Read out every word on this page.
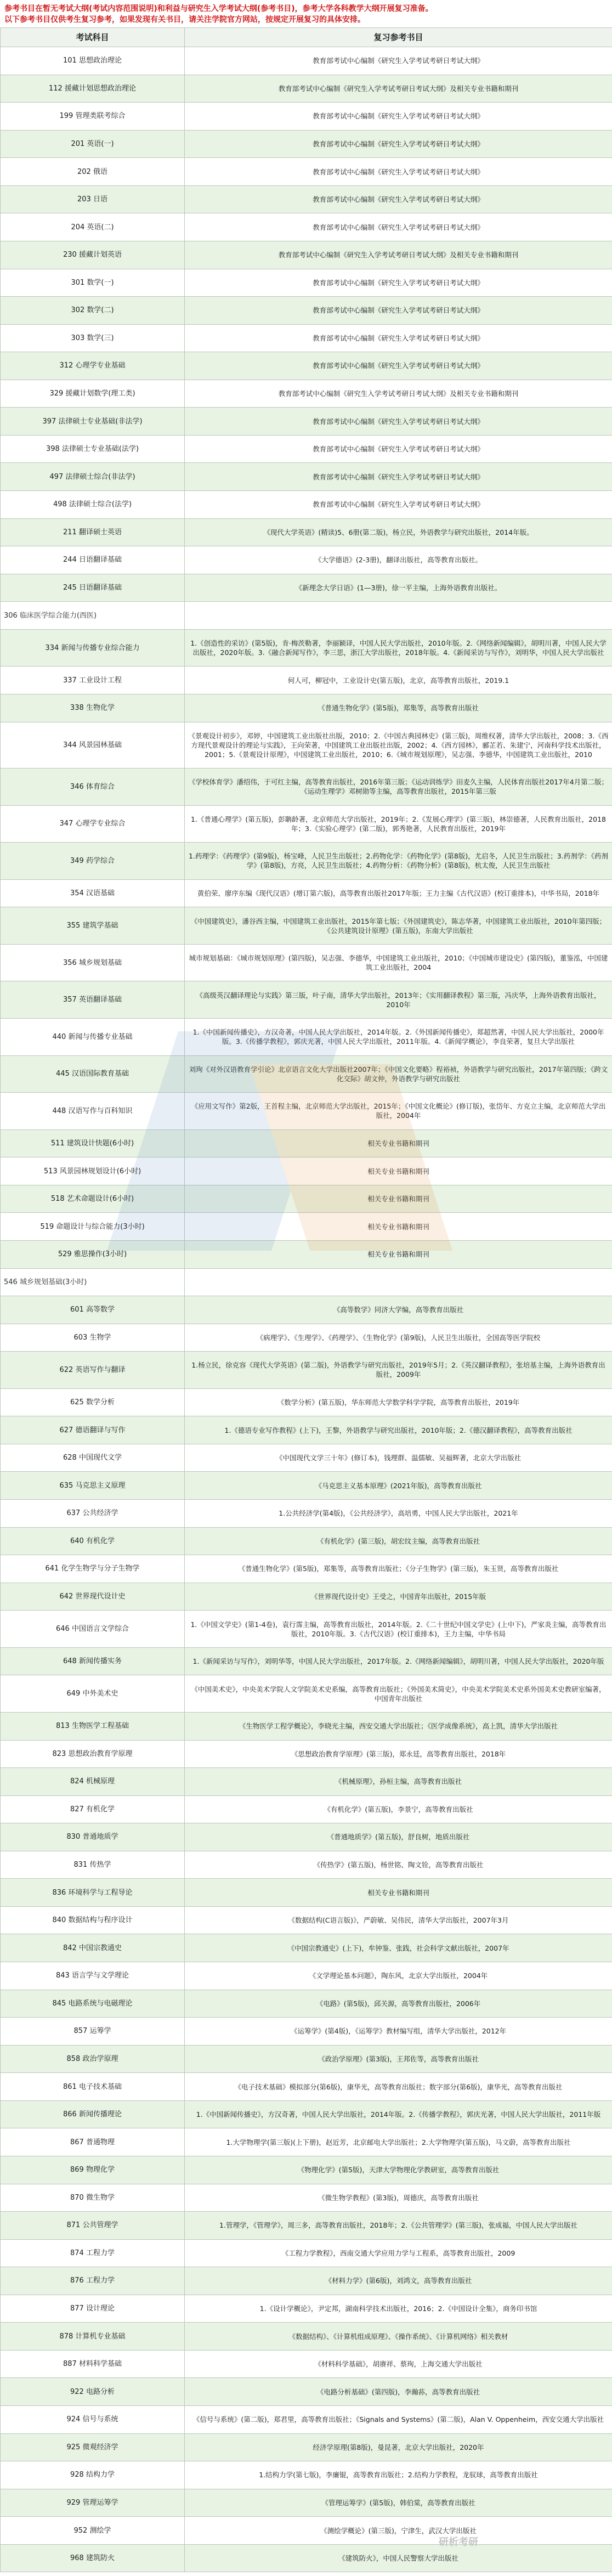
参考书目在暂无考试大纲(考试内容范围说明)和利益与研究生入学考试大纲(参考书目)，参考大学各科教学大纲开展复习准备。
以下参考书目仅供考生复习参考，如果发现有关书目，请关注学院官方网站，按规定开展复习的具体安排。
考试科目	复习参考书目
101 思想政治理论	教育部考试中心编制《研究生入学考试考研日考试大纲》
112 援藏计划思想政治理论	教育部考试中心编制《研究生入学考试考研日考试大纲》及相关专业书籍和期刊
199 管理类联考综合	教育部考试中心编制《研究生入学考试考研日考试大纲》
201 英语(一)	教育部考试中心编制《研究生入学考试考研日考试大纲》
202 俄语	教育部考试中心编制《研究生入学考试考研日考试大纲》
203 日语	教育部考试中心编制《研究生入学考试考研日考试大纲》
204 英语(二)	教育部考试中心编制《研究生入学考试考研日考试大纲》
230 援藏计划英语	教育部考试中心编制《研究生入学考试考研日考试大纲》及相关专业书籍和期刊
301 数学(一)	教育部考试中心编制《研究生入学考试考研日考试大纲》
302 数学(二)	教育部考试中心编制《研究生入学考试考研日考试大纲》
303 数学(三)	教育部考试中心编制《研究生入学考试考研日考试大纲》
312 心理学专业基础	教育部考试中心编制《研究生入学考试考研日考试大纲》
329 援藏计划数学(理工类)	教育部考试中心编制《研究生入学考试考研日考试大纲》及相关专业书籍和期刊
397 法律硕士专业基础(非法学)	教育部考试中心编制《研究生入学考试考研日考试大纲》
398 法律硕士专业基础(法学)	教育部考试中心编制《研究生入学考试考研日考试大纲》
497 法律硕士综合(非法学)	教育部考试中心编制《研究生入学考试考研日考试大纲》
498 法律硕士综合(法学)	教育部考试中心编制《研究生入学考试考研日考试大纲》
211 翻译硕士英语	《现代大学英语》(精读)5、6册(第二版)，杨立民，外语教学与研究出版社，2014年版。
244 日语翻译基础	《大学德语》(2-3册)，翻译出版社，高等教育出版社。
245 日语翻译基础	《新理念大学日语》(1—3册)，徐一平主编，上海外语教育出版社。
306 临床医学综合能力(西医)	
334 新闻与传播专业综合能力	1.《创造性的采访》(第5版)，肯·梅茨勒著，李丽颖译，中国人民大学出版社，2010年版。2.《网络新闻编辑》，胡明川著，中国人民大学出版社，2020年版。3.《融合新闻写作》，李三思，浙江大学出版社，2018年版。4.《新闻采访与写作》，刘明华，中国人民大学出版社
337 工业设计工程	何人可，柳冠中，工业设计史(第五版)，北京，高等教育出版社，2019.1
338 生物化学	《普通生物化学》(第5版)，郑集等，高等教育出版社
344 风景园林基础	《景观设计初步》，邓婷，中国建筑工业出版社出版，2010；2.《中国古典园林史》(第三版)，周维权著，清华大学出版社，2008；3.《西方现代景观设计的理论与实践》，王向荣著，中国建筑工业出版社出版，2002；4.《西方园林》，郦芷若、朱建宁，河南科学技术出版社，2001；5.《景观设计原理》，中国建筑工业出版社，2010；6.《城市规划原理》，吴志强、李德华，中国建筑工业出版社，2010
346 体育综合	《学校体育学》潘绍伟，于可红主编，高等教育出版社，2016年第三版；《运动训练学》田麦久主编，人民体育出版社2017年4月第二版；《运动生理学》邓树勋等主编，高等教育出版社，2015年第三版
347 心理学专业综合	1.《普通心理学》(第五版)，彭聃龄著，北京师范大学出版社，2019年；2.《发展心理学》(第三版)，林崇德著，人民教育出版社，2018年；3.《实验心理学》(第二版)，郭秀艳著，人民教育出版社，2019年
349 药学综合	1.药理学：《药理学》(第9版)，杨宝峰，人民卫生出版社；2.药物化学：《药物化学》(第8版)，尤启冬，人民卫生出版社；3.药剂学：《药剂学》(第8版)，方亮，人民卫生出版社；4.药物分析：《药物分析》(第8版)，杭太俊，人民卫生出版社
354 汉语基础	黄伯荣、廖序东编《现代汉语》(增订第六版)，高等教育出版社2017年版；王力主编《古代汉语》(校订重排本)，中华书局，2018年
355 建筑学基础	《中国建筑史》，潘谷西主编，中国建筑工业出版社，2015年第七版；《外国建筑史》，陈志华著，中国建筑工业出版社，2010年第四版；《公共建筑设计原理》(第五版)，东南大学出版社
356 城乡规划基础	城市规划基础：《城市规划原理》(第四版)，吴志强、李德华，中国建筑工业出版社，2010；《中国城市建设史》(第四版)，董鉴泓，中国建筑工业出版社，2004
357 英语翻译基础	《高级英汉翻译理论与实践》第三版，叶子南，清华大学出版社，2013年；《实用翻译教程》第三版，冯庆华，上海外语教育出版社，2010年
440 新闻与传播专业基础	1.《中国新闻传播史》，方汉奇著，中国人民大学出版社，2014年版。2.《外国新闻传播史》，郑超然著，中国人民大学出版社，2000年版。3.《传播学教程》，郭庆光著，中国人民大学出版社，2011年版。4.《新闻学概论》，李良荣著，复旦大学出版社
445 汉语国际教育基础	刘珣《对外汉语教育学引论》北京语言文化大学出版社2007年；《中国文化要略》程裕祯，外语教学与研究出版社，2017年第四版；《跨文化交际》胡文仲，外语教学与研究出版社
448 汉语写作与百科知识	《应用文写作》第2版，王首程主编，北京师范大学出版社，2015年；《中国文化概论》(修订版)，张岱年、方克立主编，北京师范大学出版社，2004年
511 建筑设计快题(6小时)	相关专业书籍和期刊
513 风景园林规划设计(6小时)	相关专业书籍和期刊
518 艺术命题设计(6小时)	相关专业书籍和期刊
519 命题设计与综合能力(3小时)	相关专业书籍和期刊
529 雅思操作(3小时)	相关专业书籍和期刊
546 城乡规划基础(3小时)	
601 高等数学	《高等数学》同济大学编，高等教育出版社
603 生物学	《病理学》、《生理学》、《药理学》、《生物化学》(第9版)，人民卫生出版社，全国高等医学院校
622 英语写作与翻译	1.杨立民，徐克容《现代大学英语》(第二版)，外语教学与研究出版社，2019年5月；2.《英汉翻译教程》，张培基主编，上海外语教育出版社，2009年
625 数学分析	《数学分析》(第五版)，华东师范大学数学科学学院，高等教育出版社，2019年
627 德语翻译与写作	1.《德语专业写作教程》(上下)，王黎，外语教学与研究出版社，2010年版；2.《德汉翻译教程》，高等教育出版社
628 中国现代文学	《中国现代文学三十年》(修订本)，钱理群、温儒敏、吴福辉著，北京大学出版社
635 马克思主义原理	《马克思主义基本原理》(2021年版)，高等教育出版社
637 公共经济学	1.公共经济学(第4版)，《公共经济学》，高培勇，中国人民大学出版社，2021年
640 有机化学	《有机化学》(第三版)，胡宏纹主编，高等教育出版社
641 化学生物学与分子生物学	《普通生物化学》(第5版)，郑集等，高等教育出版社；《分子生物学》(第三版)，朱玉贤，高等教育出版社
642 世界现代设计史	《世界现代设计史》王受之，中国青年出版社，2015年版
646 中国语言文学综合	1.《中国文学史》(第1-4卷)，袁行霈主编，高等教育出版社，2014年版。2.《二十世纪中国文学史》(上中下)，严家炎主编，高等教育出版社，2010年版。3.《古代汉语》(校订重排本)，王力主编，中华书局
648 新闻传播实务	1.《新闻采访与写作》，刘明华等，中国人民大学出版社，2017年版。2.《网络新闻编辑》，胡明川著，中国人民大学出版社，2020年版
649 中外美术史	《中国美术史》，中央美术学院人文学院美术史系编，高等教育出版社；《外国美术简史》，中央美术学院美术史系外国美术史教研室编著，中国青年出版社
813 生物医学工程基础	《生物医学工程学概论》，李晓光主编，西安交通大学出版社；《医学成像系统》，高上凯，清华大学出版社
823 思想政治教育学原理	《思想政治教育学原理》(第三版)，郑永廷，高等教育出版社，2018年
824 机械原理	《机械原理》，孙桓主编，高等教育出版社
827 有机化学	《有机化学》(第五版)，李景宁，高等教育出版社
830 普通地质学	《普通地质学》(第五版)，舒良树，地质出版社
831 传热学	《传热学》(第五版)，杨世铭、陶文铨，高等教育出版社
836 环境科学与工程导论	相关专业书籍和期刊
840 数据结构与程序设计	《数据结构(C语言版)》，严蔚敏、吴伟民，清华大学出版社，2007年3月
842 中国宗教通史	《中国宗教通史》(上下)，牟钟鉴、张践，社会科学文献出版社，2007年
843 语言学与文学理论	《文学理论基本问题》，陶东风，北京大学出版社，2004年
845 电路系统与电磁理论	《电路》(第5版)，邱关源，高等教育出版社，2006年
857 运筹学	《运筹学》(第4版)，《运筹学》教材编写组，清华大学出版社，2012年
858 政治学原理	《政治学原理》(第3版)，王邦佐等，高等教育出版社
861 电子技术基础	《电子技术基础》模拟部分(第6版)，康华光，高等教育出版社；数字部分(第6版)，康华光，高等教育出版社
866 新闻传播理论	1.《中国新闻传播史》，方汉奇著，中国人民大学出版社，2014年版。2.《传播学教程》，郭庆光著，中国人民大学出版社，2011年版
867 普通物理	1.大学物理学(第三版)(上下册)，赵近芳，北京邮电大学出版社；2.大学物理学(第五版)，马文蔚，高等教育出版社
869 物理化学	《物理化学》(第5版)，天津大学物理化学教研室，高等教育出版社
870 微生物学	《微生物学教程》(第3版)，周德庆，高等教育出版社
871 公共管理学	1.管理学，《管理学》，周三多，高等教育出版社，2018年；2.《公共管理学》(第三版)，张成福，中国人民大学出版社
874 工程力学	《工程力学教程》，西南交通大学应用力学与工程系，高等教育出版社，2009
876 工程力学	《材料力学》(第6版)，刘鸿文，高等教育出版社
877 设计理论	1.《设计学概论》，尹定邦，湖南科学技术出版社，2016；2.《中国设计全集》，商务印书馆
878 计算机专业基础	《数据结构》、《计算机组成原理》、《操作系统》、《计算机网络》相关教材
887 材料科学基础	《材料科学基础》，胡赓祥、蔡珣，上海交通大学出版社
922 电路分析	《电路分析基础》(第四版)，李瀚荪，高等教育出版社
924 信号与系统	《信号与系统》(第二版)，郑君里，高等教育出版社；《Signals and Systems》(第二版)，Alan V. Oppenheim，西安交通大学出版社
925 微观经济学	经济学原理(第8版)，曼昆著，北京大学出版社，2020年
928 结构力学	1.结构力学(第七版)，李廉锟，高等教育出版社；2.结构力学教程，龙驭球，高等教育出版社
929 管理运筹学	《管理运筹学》(第5版)，韩伯棠，高等教育出版社
952 测绘学	《测绘学概论》(第三版)，宁津生，武汉大学出版社
968 建筑防火	《建筑防火》，中国人民警察大学出版社
研析考研
